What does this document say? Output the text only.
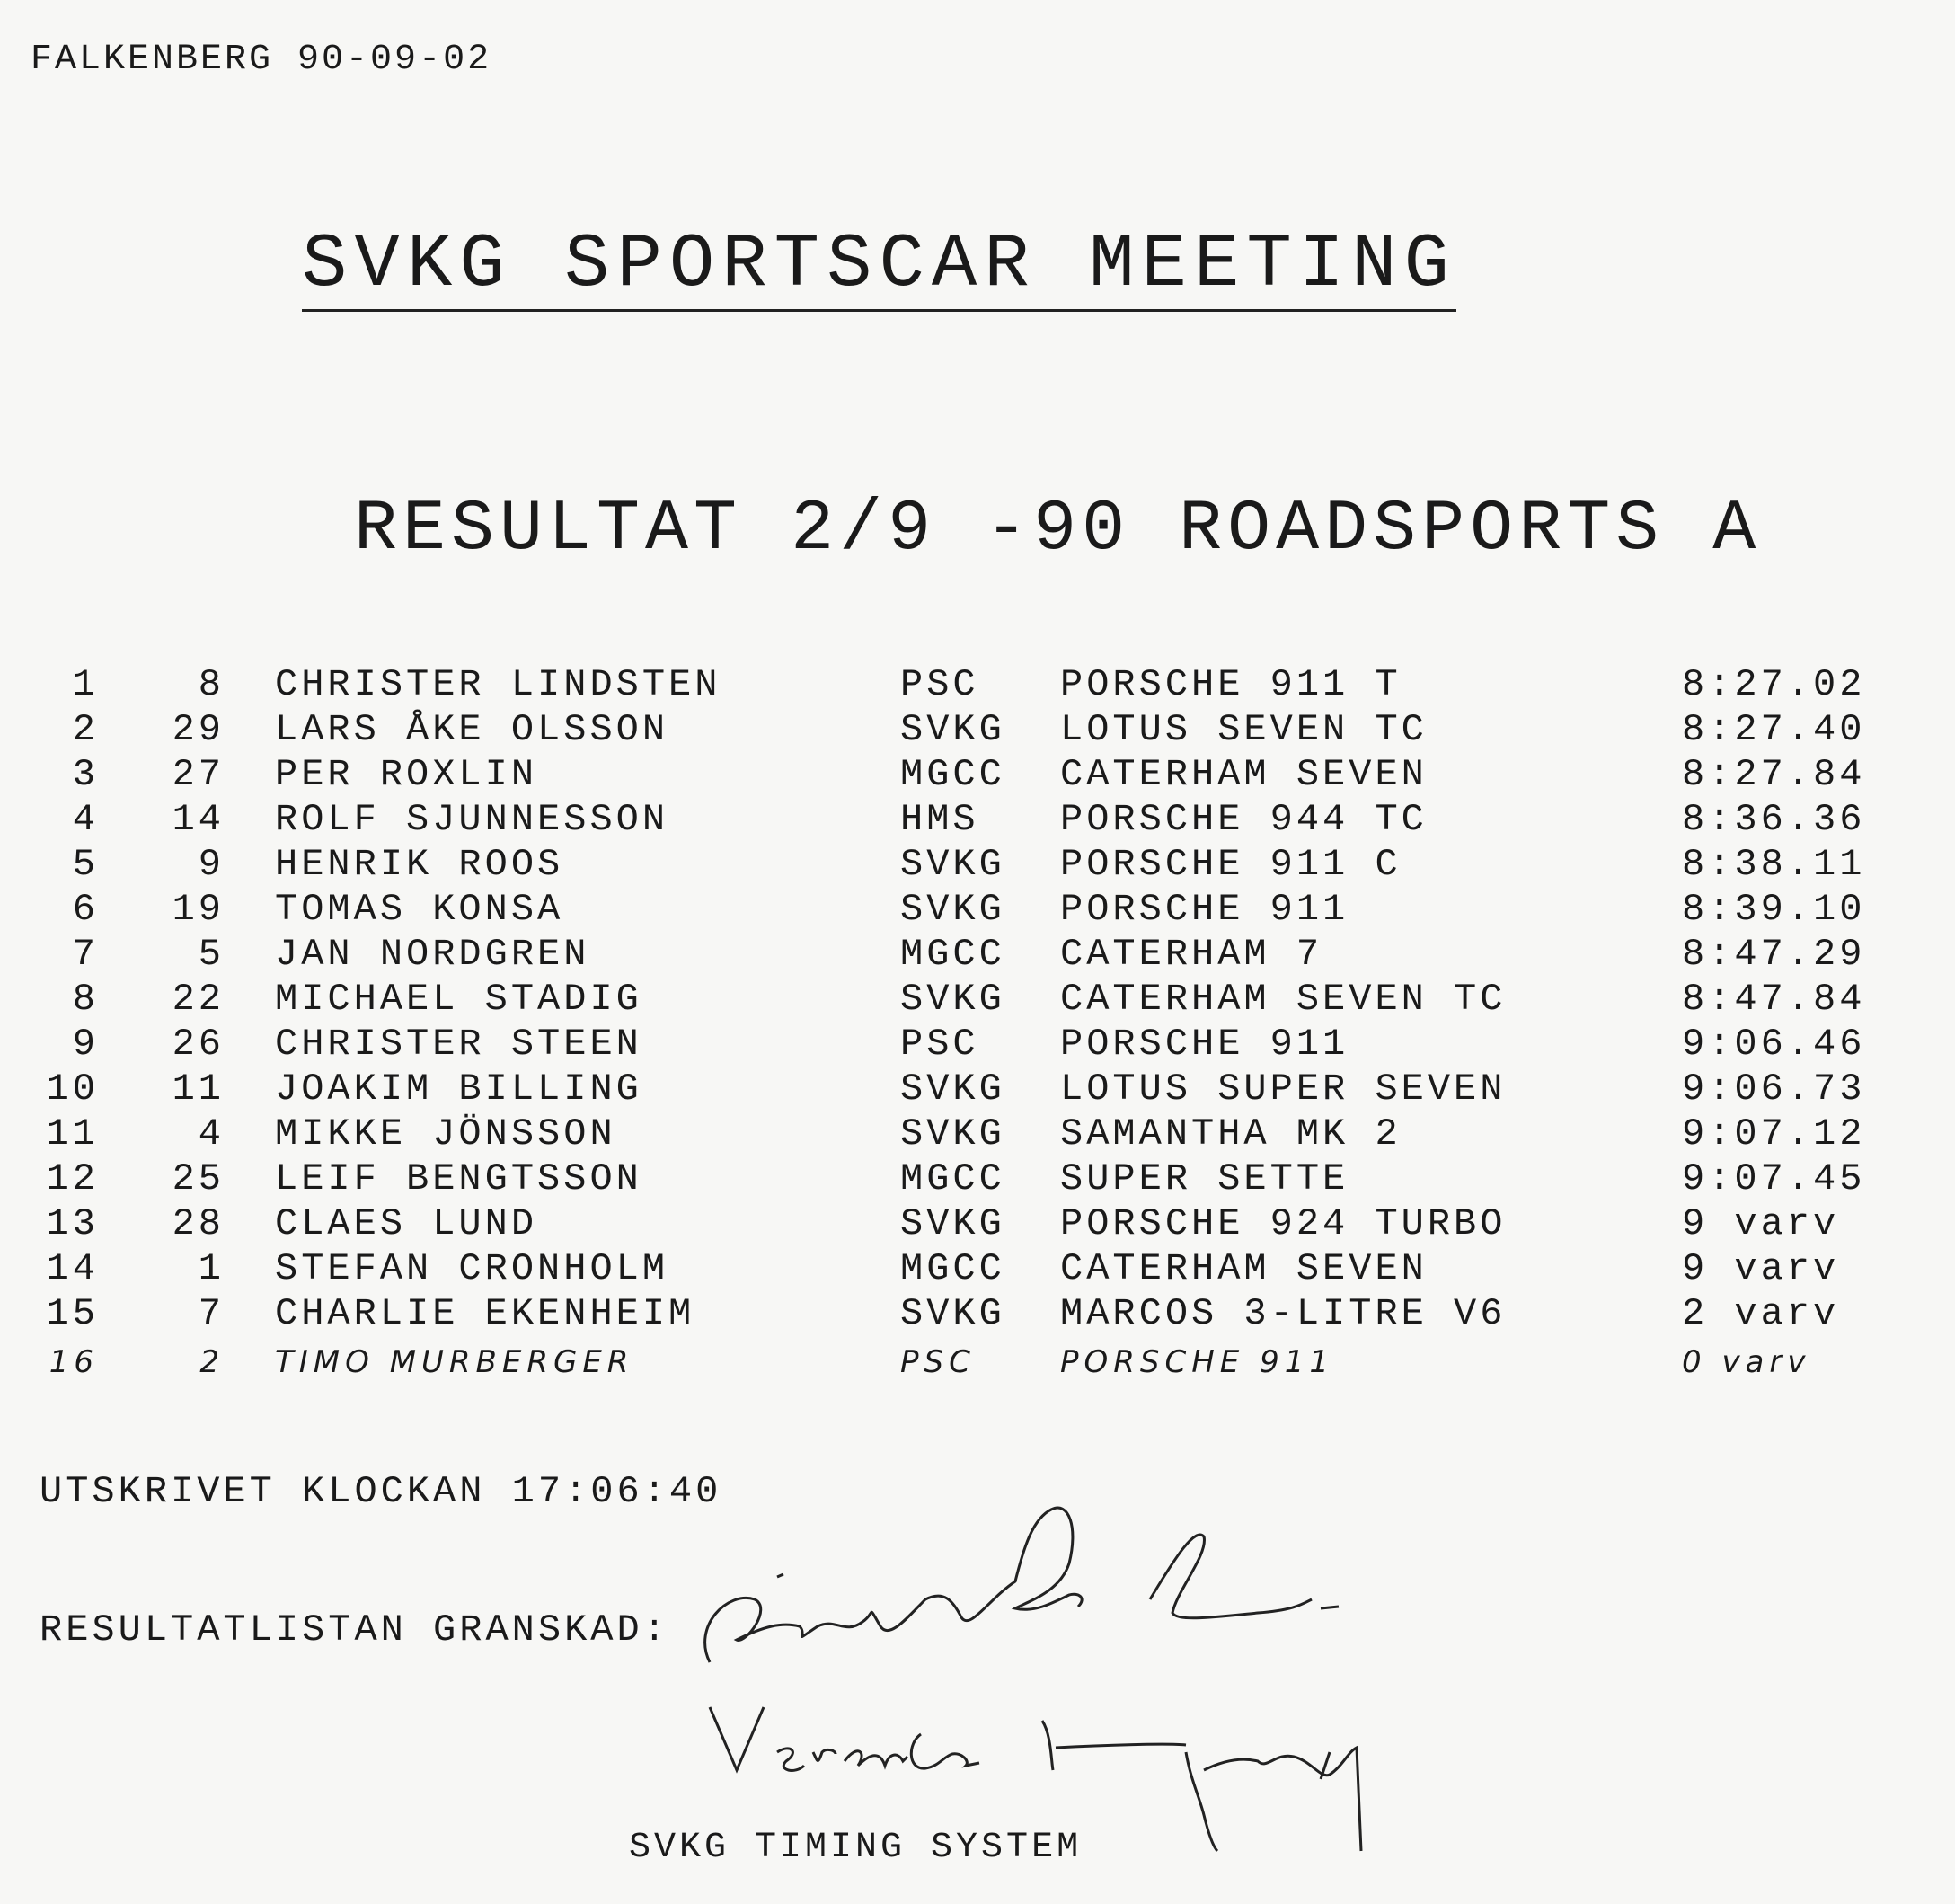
FALKENBERG 90-09-02
SVKG SPORTSCAR MEETING
RESULTAT 2/9 -90 ROADSPORTS A
1	8 CHRISTER LINDSTEN	PSC PORSCHE 911 T	8:27.02
2	29 LARS ÅKE OLSSON	SVKG LOTUS SEVEN TC	8:27.40
3	27 PER ROXLIN	MGCC CATERHAM SEVEN	8:27.84
4	14 ROLF SJUNNESSON	HMS PORSCHE 944 TC	8:36.36
5	9 HENRIK ROOS	SVKG PORSCHE 911 C	8:38.11
6	19 TOMAS KONSA	SVKG PORSCHE 911	8:39.10
7	5 JAN NORDGREN	MGCC CATERHAM 7	8:47.29
8	22 MICHAEL STADIG	SVKG CATERHAM SEVEN TC	8:47.84
9	26 CHRISTER STEEN	PSC PORSCHE 911	9:06.46
10	11 JOAKIM BILLING	SVKG LOTUS SUPER SEVEN	9:06.73
11	4 MIKKE JÖNSSON	SVKG SAMANTHA MK 2	9:07.12
12	25 LEIF BENGTSSON	MGCC SUPER SETTE	9:07.45
13	28 CLAES LUND	SVKG PORSCHE 924 TURBO	9 varv
14	1 STEFAN CRONHOLM	MGCC CATERHAM SEVEN	9 varv
15	7 CHARLIE EKENHEIM	SVKG MARCOS 3-LITRE V6	2 varv
16	2 TIMO MURBERGER	PSC	PORSCHE 911	0 varv
UTSKRIVET KLOCKAN 17:06:40
RESULTATLISTAN GRANSKAD:
SVKG TIMING SYSTEM
